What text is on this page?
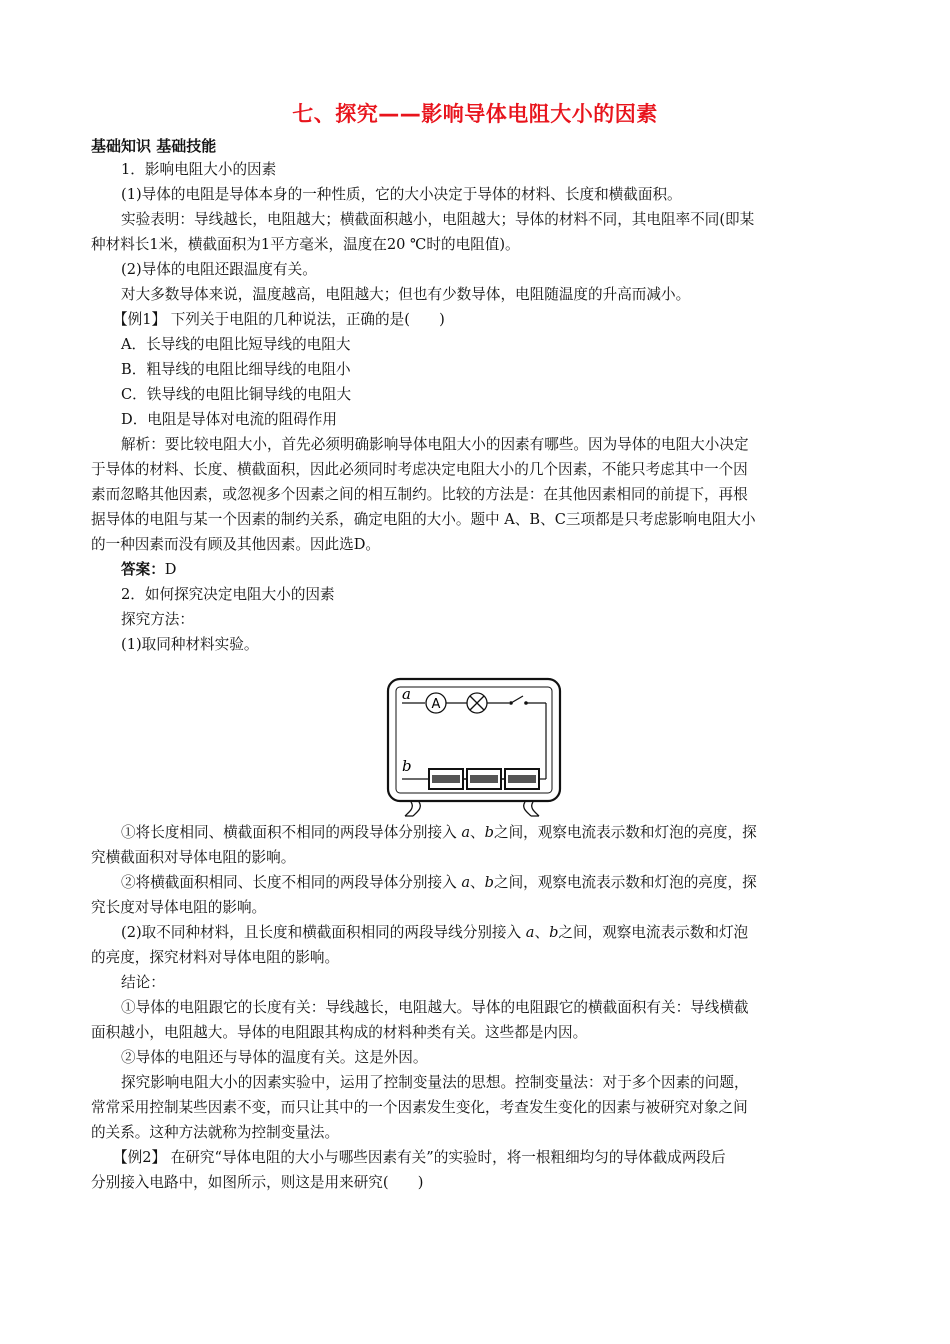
七、探究——影响导体电阻大小的因素
基础知识 基础技能
1．影响电阻大小的因素
(1)导体的电阻是导体本身的一种性质，它的大小决定于导体的材料、长度和横截面积。
实验表明：导线越长，电阻越大；横截面积越小，电阻越大；导体的材料不同，其电阻率不同(即某
种材料长1米，横截面积为1平方毫米，温度在20 ℃时的电阻值)。
(2)导体的电阻还跟温度有关。
对大多数导体来说，温度越高，电阻越大；但也有少数导体，电阻随温度的升高而减小。
【例1】 下列关于电阻的几种说法，正确的是(　　)
A．长导线的电阻比短导线的电阻大
B．粗导线的电阻比细导线的电阻小
C．铁导线的电阻比铜导线的电阻大
D．电阻是导体对电流的阻碍作用
解析：要比较电阻大小，首先必须明确影响导体电阻大小的因素有哪些。因为导体的电阻大小决定
于导体的材料、长度、横截面积，因此必须同时考虑决定电阻大小的几个因素，不能只考虑其中一个因
素而忽略其他因素，或忽视多个因素之间的相互制约。比较的方法是：在其他因素相同的前提下，再根
据导体的电阻与某一个因素的制约关系，确定电阻的大小。题中 A、B、C三项都是只考虑影响电阻大小
的一种因素而没有顾及其他因素。因此选D。
答案：D
2．如何探究决定电阻大小的因素
探究方法：
(1)取同种材料实验。
a
b
A
①将长度相同、横截面积不相同的两段导体分别接入 a、b之间，观察电流表示数和灯泡的亮度，探
究横截面积对导体电阻的影响。
②将横截面积相同、长度不相同的两段导体分别接入 a、b之间，观察电流表示数和灯泡的亮度，探
究长度对导体电阻的影响。
(2)取不同种材料，且长度和横截面积相同的两段导线分别接入 a、b之间，观察电流表示数和灯泡
的亮度，探究材料对导体电阻的影响。
结论：
①导体的电阻跟它的长度有关：导线越长，电阻越大。导体的电阻跟它的横截面积有关：导线横截
面积越小，电阻越大。导体的电阻跟其构成的材料种类有关。这些都是内因。
②导体的电阻还与导体的温度有关。这是外因。
探究影响电阻大小的因素实验中，运用了控制变量法的思想。控制变量法：对于多个因素的问题，
常常采用控制某些因素不变，而只让其中的一个因素发生变化，考查发生变化的因素与被研究对象之间
的关系。这种方法就称为控制变量法。
【例2】 在研究“导体电阻的大小与哪些因素有关”的实验时，将一根粗细均匀的导体截成两段后
分别接入电路中，如图所示，则这是用来研究(　　)
